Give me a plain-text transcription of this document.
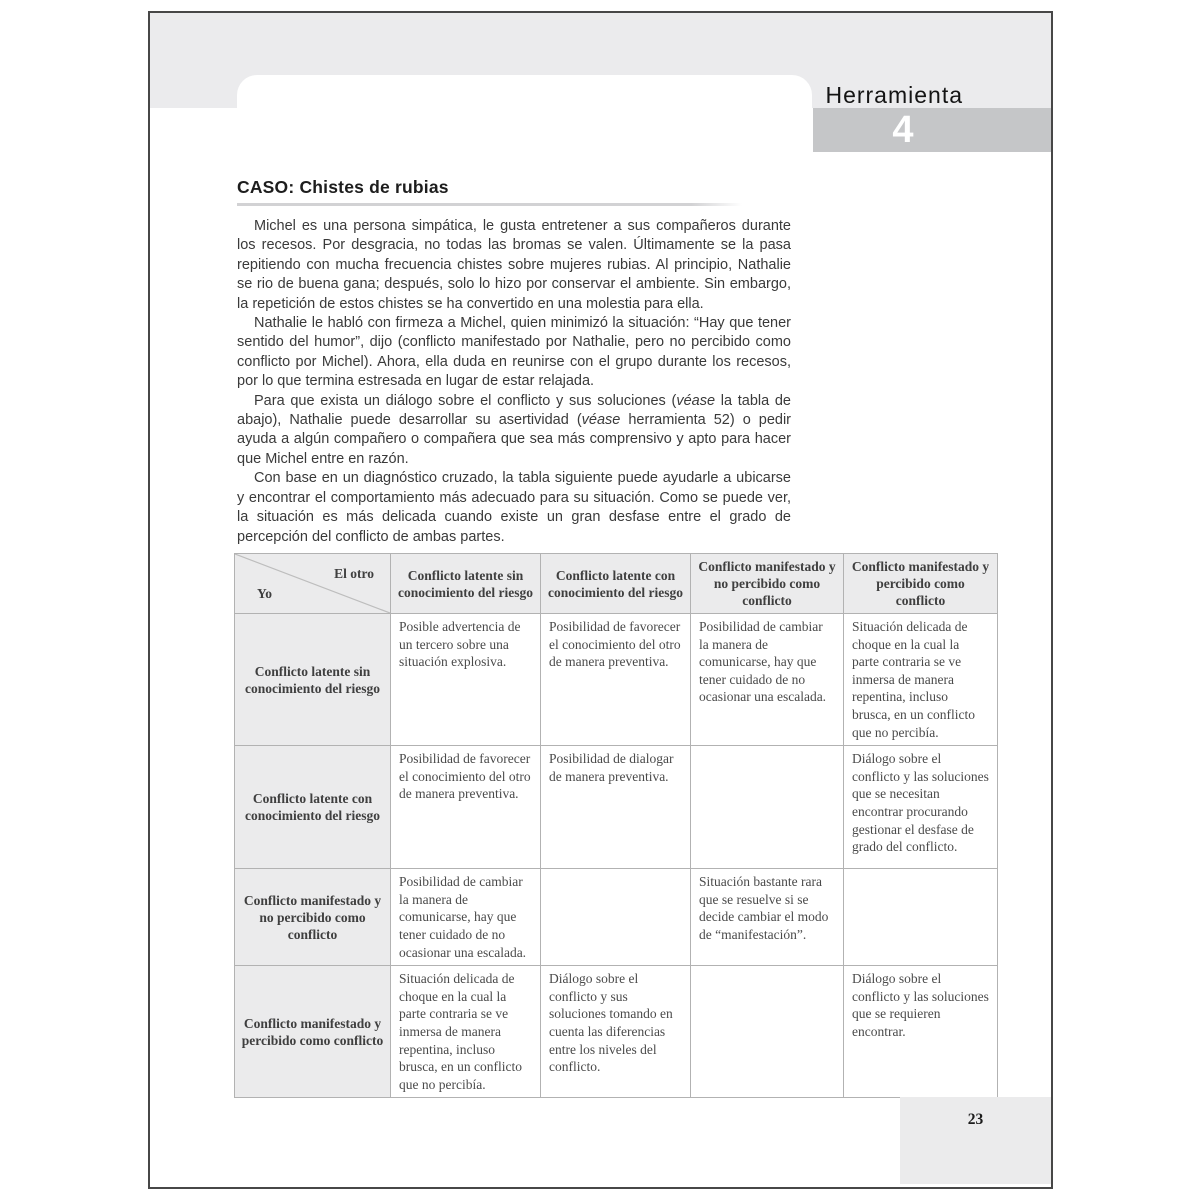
Herramienta
4
CASO: Chistes de rubias

Michel es una persona simpática, le gusta entretener a sus compañeros durante los recesos. Por desgracia, no todas las bromas se valen. Últimamente se la pasa repitiendo con mucha frecuencia chistes sobre mujeres rubias. Al principio, Nathalie se rio de buena gana; después, solo lo hizo por conservar el ambiente. Sin embargo, la repetición de estos chistes se ha convertido en una molestia para ella.

Nathalie le habló con firmeza a Michel, quien minimizó la situación: “Hay que tener sentido del humor”, dijo (conflicto manifestado por Nathalie, pero no percibido como conflicto por Michel). Ahora, ella duda en reunirse con el grupo durante los recesos, por lo que termina estresada en lugar de estar relajada.

Para que exista un diálogo sobre el conflicto y sus soluciones (véase la tabla de abajo), Nathalie puede desarrollar su asertividad (véase herramienta 52) o pedir ayuda a algún compañero o compañera que sea más comprensivo y apto para hacer que Michel entre en razón.

Con base en un diagnóstico cruzado, la tabla siguiente puede ayudarle a ubicarse y encontrar el comportamiento más adecuado para su situación. Como se puede ver, la situación es más delicada cuando existe un gran desfase entre el grado de percepción del conflicto de ambas partes.

El otro
Yo	Conflicto latente sin conocimiento del riesgo	Conflicto latente con conocimiento del riesgo	Conflicto manifestado y no percibido como conflicto	Conflicto manifestado y percibido como conflicto
Conflicto latente sin conocimiento del riesgo	Posible advertencia de un tercero sobre una situación explosiva.	Posibilidad de favorecer el conocimiento del otro de manera preventiva.	Posibilidad de cambiar la manera de comunicarse, hay que tener cuidado de no ocasionar una escalada.	Situación delicada de choque en la cual la parte contraria se ve inmersa de manera repentina, incluso brusca, en un conflicto que no percibía.
Conflicto latente con conocimiento del riesgo	Posibilidad de favorecer el conocimiento del otro de manera preventiva.	Posibilidad de dialogar de manera preventiva.		Diálogo sobre el conflicto y las soluciones que se necesitan encontrar procurando gestionar el desfase de grado del conflicto.
Conflicto manifestado y no percibido como conflicto	Posibilidad de cambiar la manera de comunicarse, hay que tener cuidado de no ocasionar una escalada.		Situación bastante rara que se resuelve si se decide cambiar el modo de “manifestación”.	
Conflicto manifestado y percibido como conflicto	Situación delicada de choque en la cual la parte contraria se ve inmersa de manera repentina, incluso brusca, en un conflicto que no percibía.	Diálogo sobre el conflicto y sus soluciones tomando en cuenta las diferencias entre los niveles del conflicto.		Diálogo sobre el conflicto y las soluciones que se requieren encontrar.
23
